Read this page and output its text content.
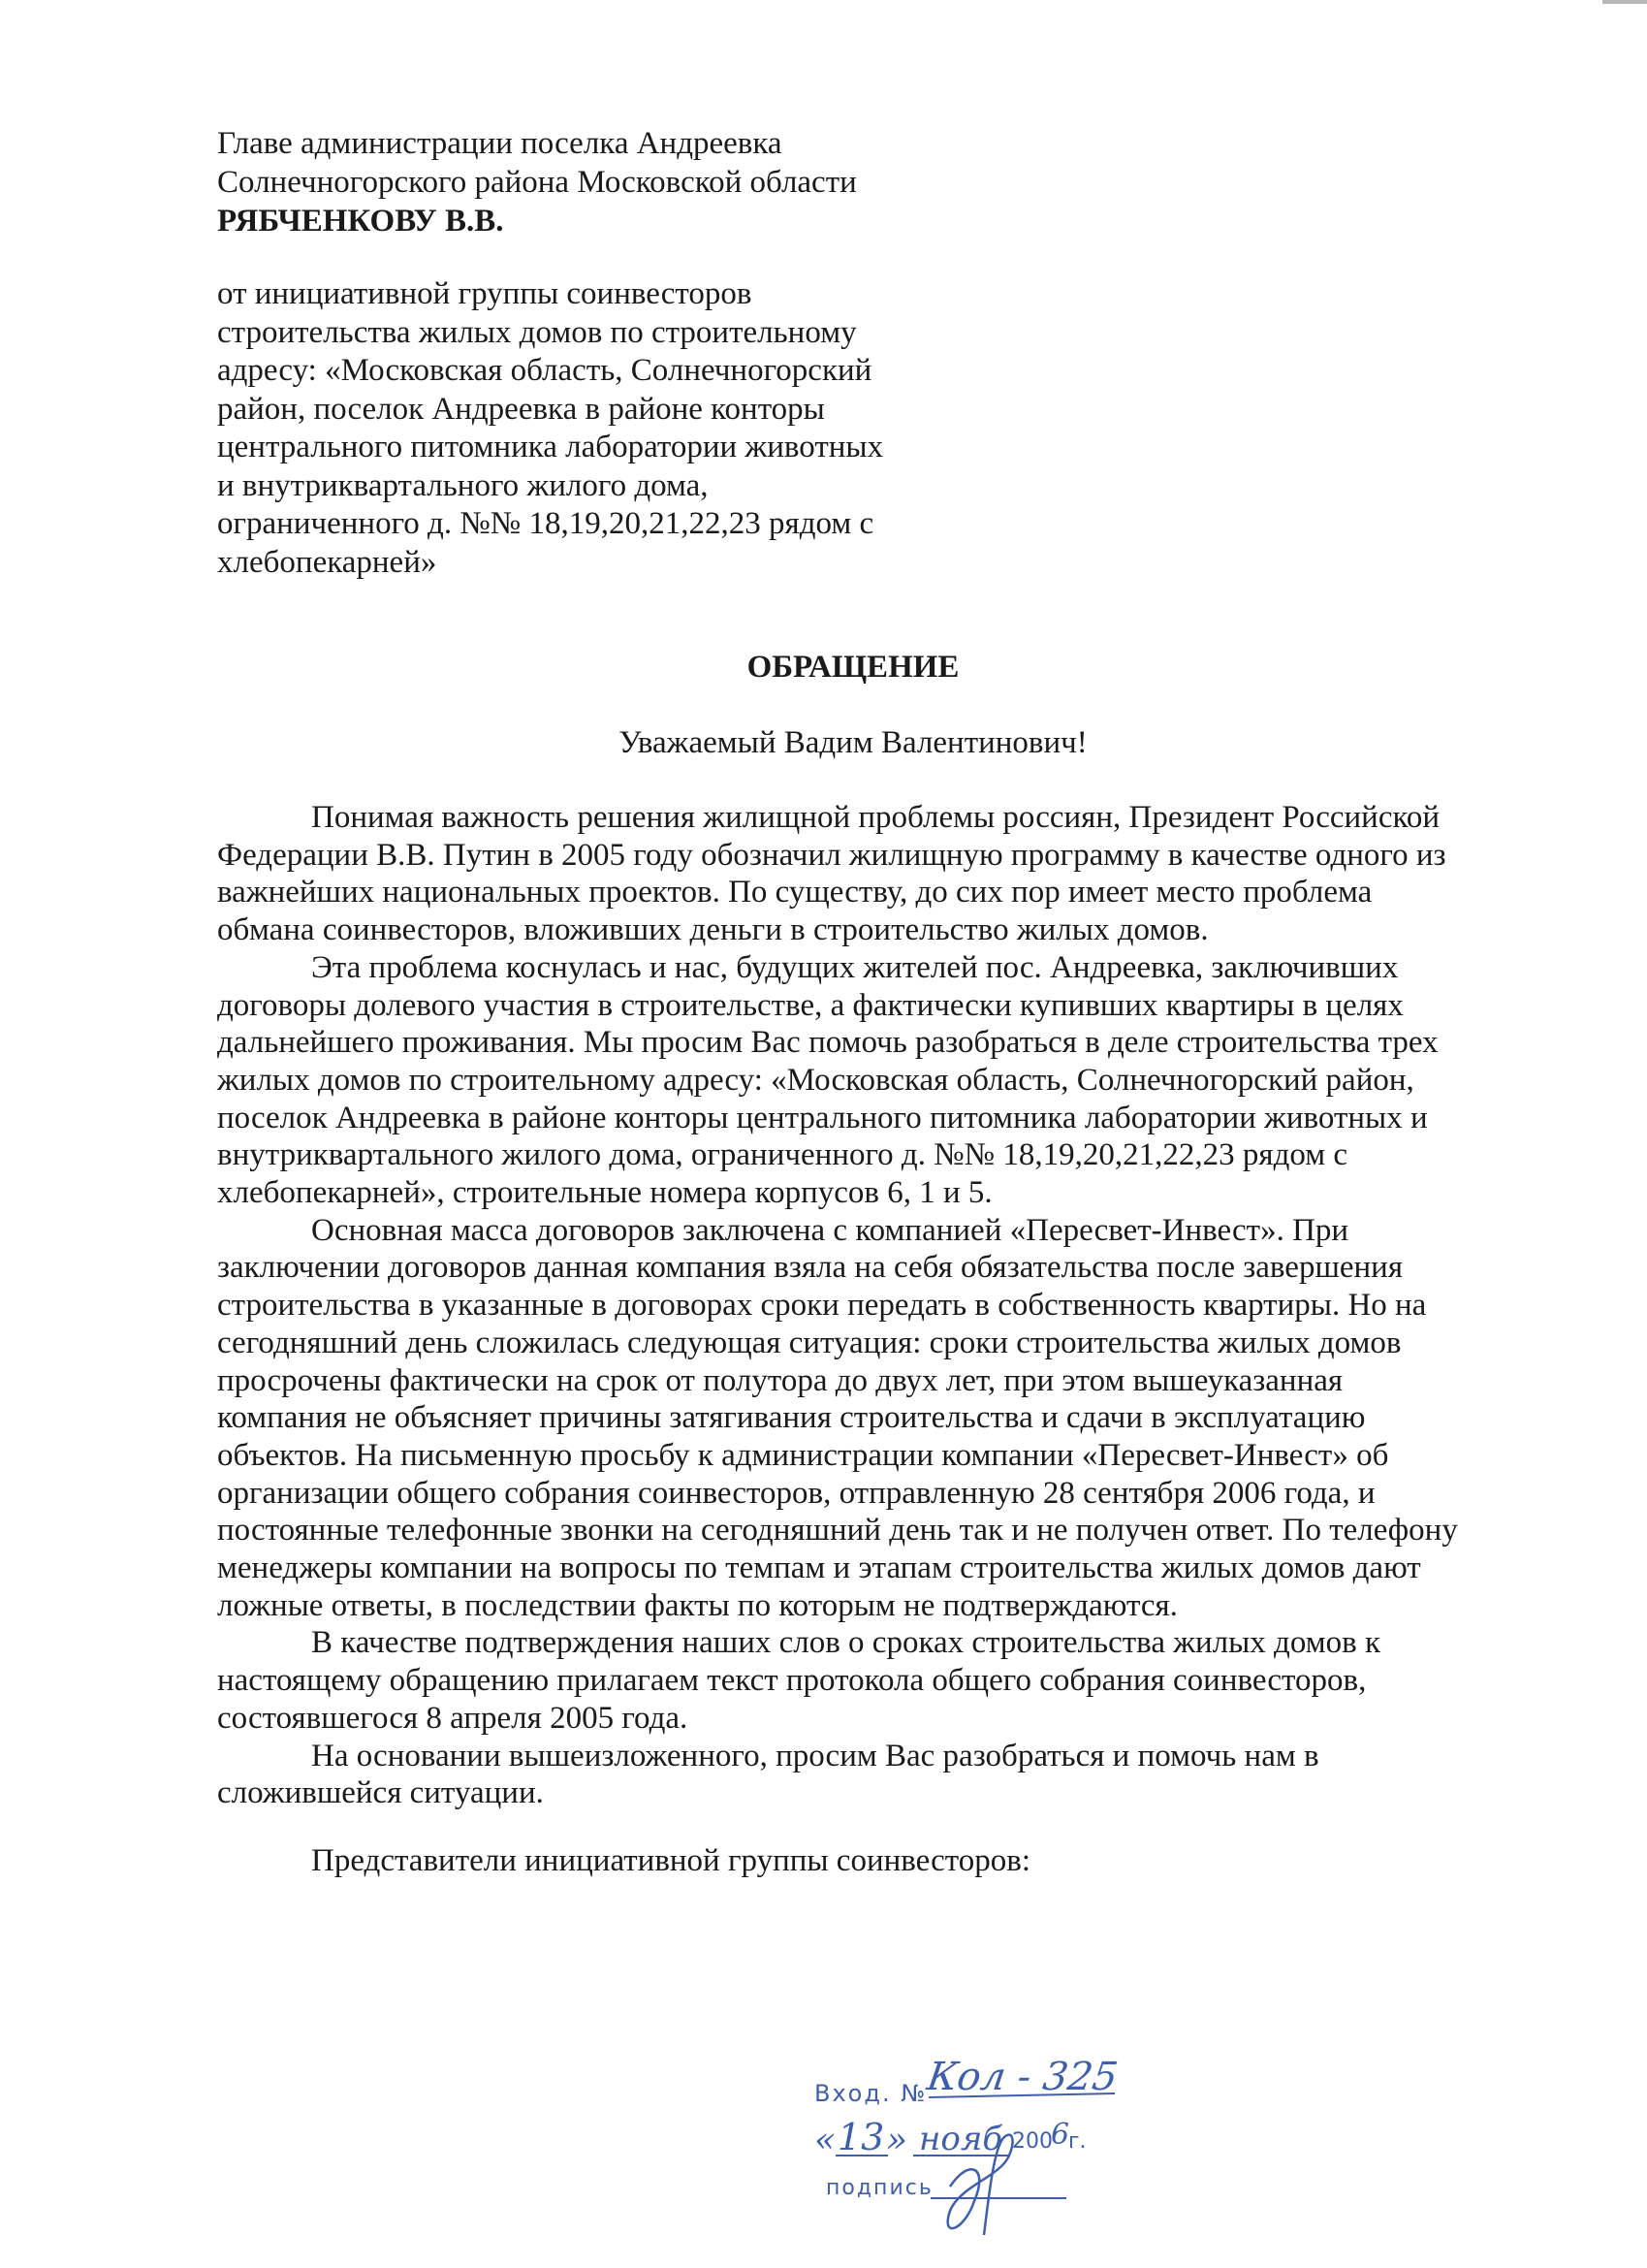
Главе администрации поселка Андреевка
Солнечногорского района Московской области
РЯБЧЕНКОВУ В.В.
от инициативной группы соинвесторов
строительства жилых домов по строительному
адресу: «Московская область, Солнечногорский
район, поселок Андреевка в районе конторы
центрального питомника лаборатории животных
и внутриквартального жилого дома,
ограниченного д. №№ 18,19,20,21,22,23 рядом с
хлебопекарней»
ОБРАЩЕНИЕ
Уважаемый Вадим Валентинович!
Понимая важность решения жилищной проблемы россиян, Президент Российской
Федерации В.В. Путин в 2005 году обозначил жилищную программу в качестве одного из
важнейших национальных проектов. По существу, до сих пор имеет место проблема
обмана соинвесторов, вложивших деньги в строительство жилых домов.
Эта проблема коснулась и нас, будущих жителей пос. Андреевка, заключивших
договоры долевого участия в строительстве, а фактически купивших квартиры в целях
дальнейшего проживания. Мы просим Вас помочь разобраться в деле строительства трех
жилых домов по строительному адресу: «Московская область, Солнечногорский район,
поселок Андреевка в районе конторы центрального питомника лаборатории животных и
внутриквартального жилого дома, ограниченного д. №№ 18,19,20,21,22,23 рядом с
хлебопекарней», строительные номера корпусов 6, 1 и 5.
Основная масса договоров заключена с компанией «Пересвет-Инвест». При
заключении договоров данная компания взяла на себя обязательства после завершения
строительства в указанные в договорах сроки передать в собственность квартиры. Но на
сегодняшний день сложилась следующая ситуация: сроки строительства жилых домов
просрочены фактически на срок от полутора до двух лет, при этом вышеуказанная
компания не объясняет причины затягивания строительства и сдачи в эксплуатацию
объектов. На письменную просьбу к администрации компании «Пересвет-Инвест» об
организации общего собрания соинвесторов, отправленную 28 сентября 2006 года, и
постоянные телефонные звонки на сегодняшний день так и не получен ответ. По телефону
менеджеры компании на вопросы по темпам и этапам строительства жилых домов дают
ложные ответы, в последствии факты по которым не подтверждаются.
В качестве подтверждения наших слов о сроках строительства жилых домов к
настоящему обращению прилагаем текст протокола общего собрания соинвесторов,
состоявшегося 8 апреля 2005 года.
На основании вышеизложенного, просим Вас разобраться и помочь нам в
сложившейся ситуации.
Представители инициативной группы соинвесторов:
Вход. №
Кол - 325
« 13 » нояб 200
6
г.
подпись
